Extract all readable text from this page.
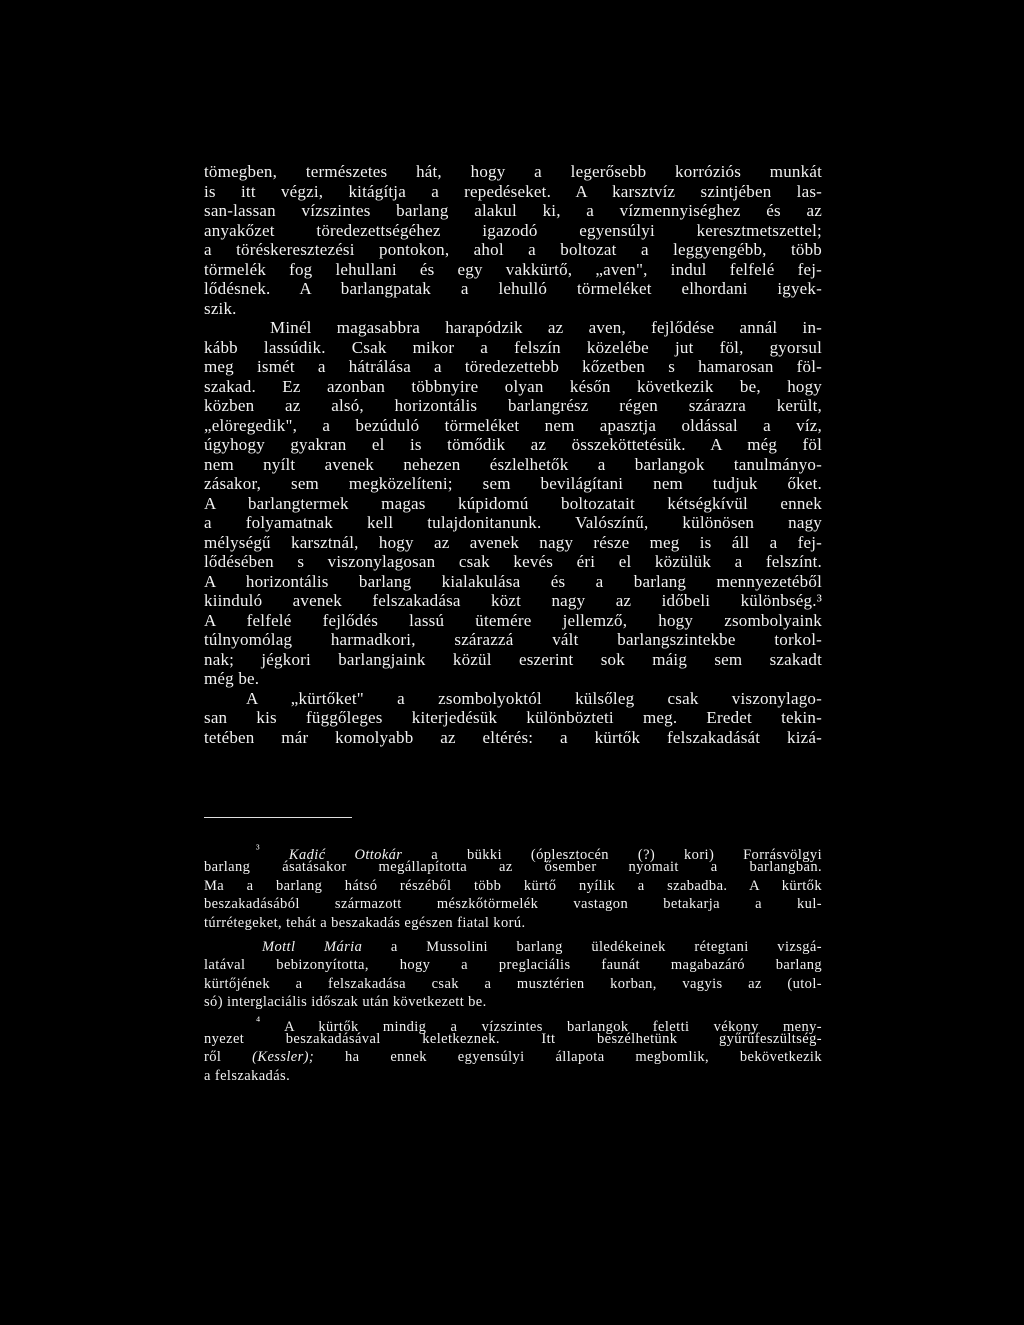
tömegben, természetes hát, hogy a legerősebb korróziós munkát
is itt végzi, kitágítja a repedéseket. A karsztvíz szintjében las-
san-lassan vízszintes barlang alakul ki, a vízmennyiséghez és az
anyakőzet töredezettségéhez igazodó egyensúlyi keresztmetszettel;
a töréskeresztezési pontokon, ahol a boltozat a leggyengébb, több
törmelék fog lehullani és egy vakkürtő, „aven", indul felfelé fej-
lődésnek. A barlangpatak a lehulló törmeléket elhordani igyek-
szik.
Minél magasabbra harapódzik az aven, fejlődése annál in-
kább lassúdik. Csak mikor a felszín közelébe jut föl, gyorsul
meg ismét a hátrálása a töredezettebb kőzetben s hamarosan föl-
szakad. Ez azonban többnyire olyan későn következik be, hogy
közben az alsó, horizontális barlangrész régen szárazra került,
„elöregedik", a bezúduló törmeléket nem apasztja oldással a víz,
úgyhogy gyakran el is tömődik az összeköttetésük. A még föl
nem nyílt avenek nehezen észlelhetők a barlangok tanulmányo-
zásakor, sem megközelíteni; sem bevilágítani nem tudjuk őket.
A barlangtermek magas kúpidomú boltozatait kétségkívül ennek
a folyamatnak kell tulajdonitanunk. Valószínű, különösen nagy
mélységű karsztnál, hogy az avenek nagy része meg is áll a fej-
lődésében s viszonylagosan csak kevés éri el közülük a felszínt.
A horizontális barlang kialakulása és a barlang mennyezetéből
kiinduló avenek felszakadása közt nagy az időbeli különbség.³
A felfelé fejlődés lassú ütemére jellemző, hogy zsombolyaink
túlnyomólag harmadkori, szárazzá vált barlangszintekbe torkol-
nak; jégkori barlangjaink közül eszerint sok máig sem szakadt
még be.
A „kürtőket" a zsombolyoktól külsőleg csak viszonylago-
san kis függőleges kiterjedésük különbözteti meg. Eredet tekin-
tetében már komolyabb az eltérés: a kürtők felszakadását kizá-
$^{^3}$ Kadić Ottokár a bükki (óplesztocén (?) kori) Forrásvölgyi
barlang ásatásakor megállapította az ősember nyomait a barlangban.
Ma a barlang hátsó részéből több kürtő nyílik a szabadba. A kürtők
beszakadásából származott mészkőtörmelék vastagon betakarja a kul-
túrrétegeket, tehát a beszakadás egészen fiatal korú.
Mottl Mária a Mussolini barlang üledékeinek rétegtani vizsgá-
latával bebizonyította, hogy a preglaciális faunát magabazáró barlang
kürtőjének a felszakadása csak a musztérien korban, vagyis az (utol-
só) interglaciális időszak után következett be.
$^{^4}$ A kürtők mindig a vízszintes barlangok feletti vékony meny-
nyezet beszakadásával keletkeznek. Itt beszélhetünk gyűrűfeszültség-
ről (Kessler); ha ennek egyensúlyi állapota megbomlik, bekövetkezik
a felszakadás.
